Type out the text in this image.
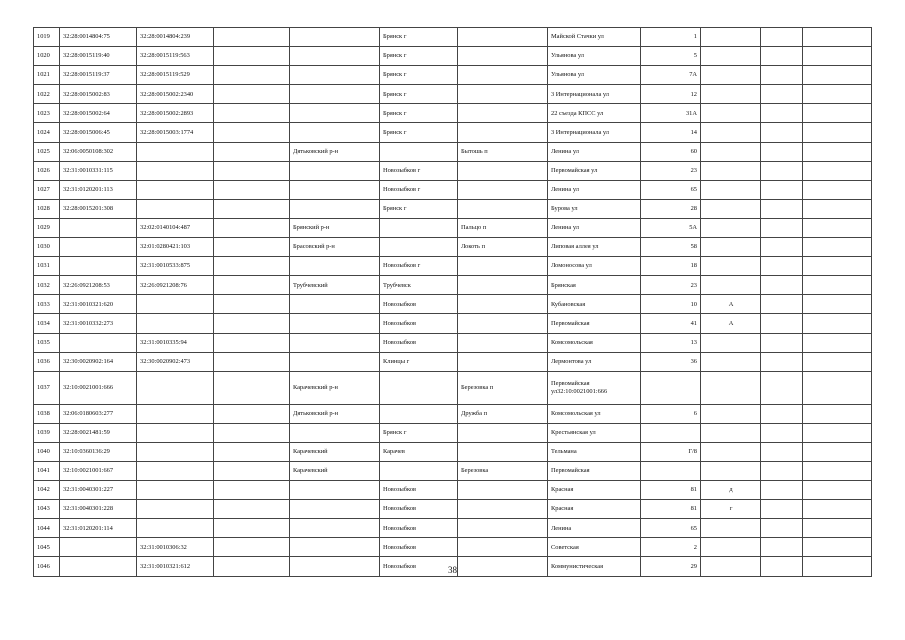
1019	32:28:0014804:75	32:28:0014804:239			Брянск г		Майской Стачки ул	1			
1020	32:28:0015119:40	32:28:0015119:563			Брянск г		Ульянова ул	5			
1021	32:28:0015119:37	32:28:0015119:529			Брянск г		Ульянова ул	7А			
1022	32:28:0015002:83	32:28:0015002:2340			Брянск г		3 Интернационала ул	12			
1023	32:28:0015002:64	32:28:0015002:2893			Брянск г		22 съезда КПСС ул	31А			
1024	32:28:0015006:45	32:28:0015003:1774			Брянск г		3 Интернационала ул	14			
1025	32:06:0050108:302			Дятьковский р-н		Бытошь п	Ленина ул	60			
1026	32:31:0010331:115				Новозыбков г		Первомайская ул	23			
1027	32:31:0120201:113				Новозыбков г		Ленина ул	65			
1028	32:28:0015201:308				Брянск г		Бурова ул	28			
1029		32:02:0140104:487		Брянский р-н		Пальцо п	Ленина ул	5А			
1030		32:01:0280421:103		Брасовский р-н		Локоть п	Липовая аллея ул	58			
1031		32:31:0010533:875			Новозыбков г		Ломоносова ул	18			
1032	32:26:0921208:53	32:26:0921208:76		Трубчевский	Трубчевск		Брянская	23			
1033	32:31:0010321:620				Новозыбков		Кубановская	10	А		
1034	32:31:0010332:273				Новозыбков		Первомайская	41	А		
1035		32:31:0010335:94			Новозыбков		Комсомольская	13			
1036	32:30:0020902:164	32:30:0020902:473			Клинцы г		Лермонтова ул	36			
1037	32:10:0021001:666			Карачевский р-н		Березовка п	Первомайская ул32:10:0021001:666				
1038	32:06:0180603:277			Дятьковский р-н		Дружба п	Комсомольская ул	6			
1039	32:28:0021481:59				Брянск г		Крестьянская ул				
1040	32:10:0360136:29			Карачевский	Карачев		Тельмана	Г/8			
1041	32:10:0021001:667			Карачевский		Березовка	Первомайская				
1042	32:31:0040301:227				Новозыбков		Красная	81	д		
1043	32:31:0040301:228				Новозыбков		Красная	81	г		
1044	32:31:0120201:114				Новозыбков		Ленина	65			
1045		32:31:0010306:32			Новозыбков		Советская	2			
1046		32:31:0010321:612			Новозыбков		Коммунистическая	29			
38
